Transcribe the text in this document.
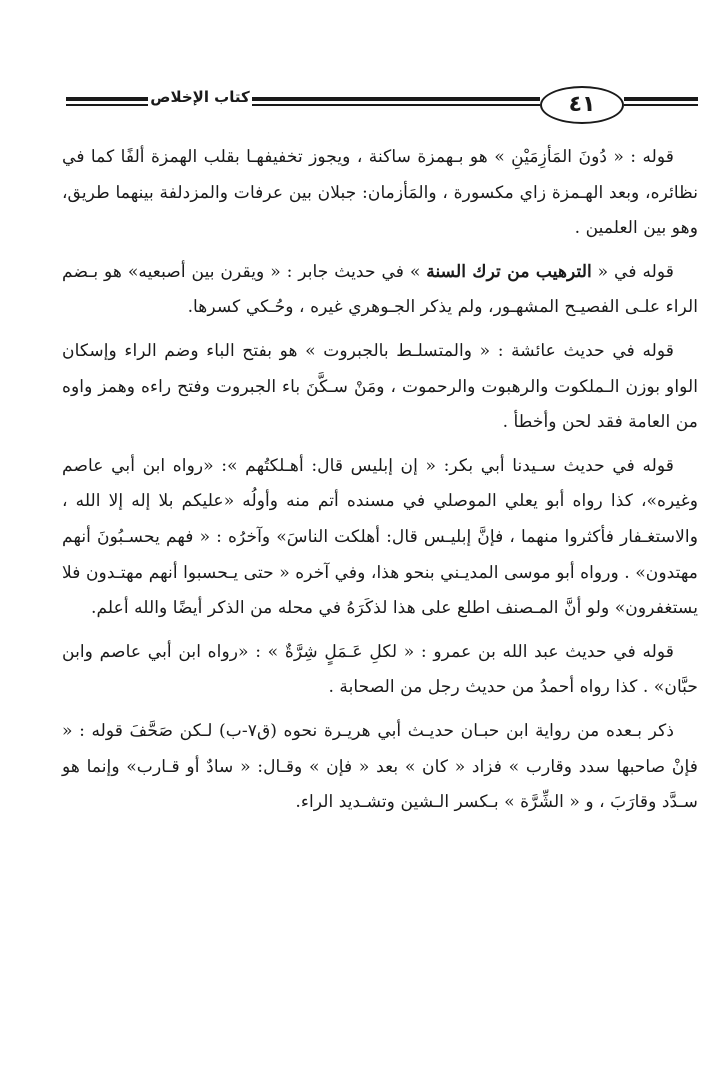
كتاب الإخلاص	٤١

قوله : « دُونَ المَأزِمَيْنِ » هو بـهمزة ساكنة ، ويجوز تخفيفهـا بقلب الهمزة ألفًا كما في نظائره، وبعد الهـمزة زاي مكسورة ، والمَأزمان: جبلان بين عرفات والمزدلفة بينهما طريق، وهو بين العلمين .

قوله في « الترهيب من ترك السنة » في حديث جابر : « ويقرن بين أصبعيه» هو بـضم الراء علـى الفصيـح المشهـور، ولم يذكر الجـوهري غيره ، وحُـكي كسرها.

قوله في حديث عائشة : « والمتسلـط بالجبروت » هو بفتح الباء وضم الراء وإسكان الواو بوزن الـملكوت والرهبوت والرحموت ، ومَنْ سـكَّنَ باء الجبروت وفتح راءه وهمز واوه من العامة فقد لحن وأخطأ .

قوله في حديث سـيدنا أبي بكر: « إن إبليس قال: أهـلكتُهم »: «رواه ابن أبي عاصم وغيره»، كذا رواه أبو يعلي الموصلي في مسنده أتم منه وأولُه «عليكم بلا إله إلا الله ، والاستغـفار فأكثروا منهما ، فإنَّ إبليـس قال: أهلكت الناسَ» وآخرُه : « فهم يحسـبُونَ أنهم مهتدون» . ورواه أبو موسى المديـني بنحو هذا، وفي آخره « حتى يـحسبوا أنهم مهتـدون فلا يستغفرون» ولو أنَّ المـصنف اطلع على هذا لذكَرَهُ في محله من الذكر أيضًا والله أعلم.

قوله في حديث عبد الله بن عمرو : « لكلِ عَـمَلٍ شِرَّةٌ » : «رواه ابن أبي عاصم وابن حبَّان» . كذا رواه أحمدُ من حديث رجل من الصحابة .

ذكر بـعده من رواية ابن حبـان حديـث أبي هريـرة نحوه (ق٧-ب) لـكن صَحَّفَ قوله : « فإنْ صاحبها سدد وقارب » فزاد « كان » بعد « فإن » وقـال: « سادٌ أو قـارب» وإنما هو سـدَّد وقارَبَ ، و « الشِّرَّة » بـكسر الـشين وتشـديد الراء.
